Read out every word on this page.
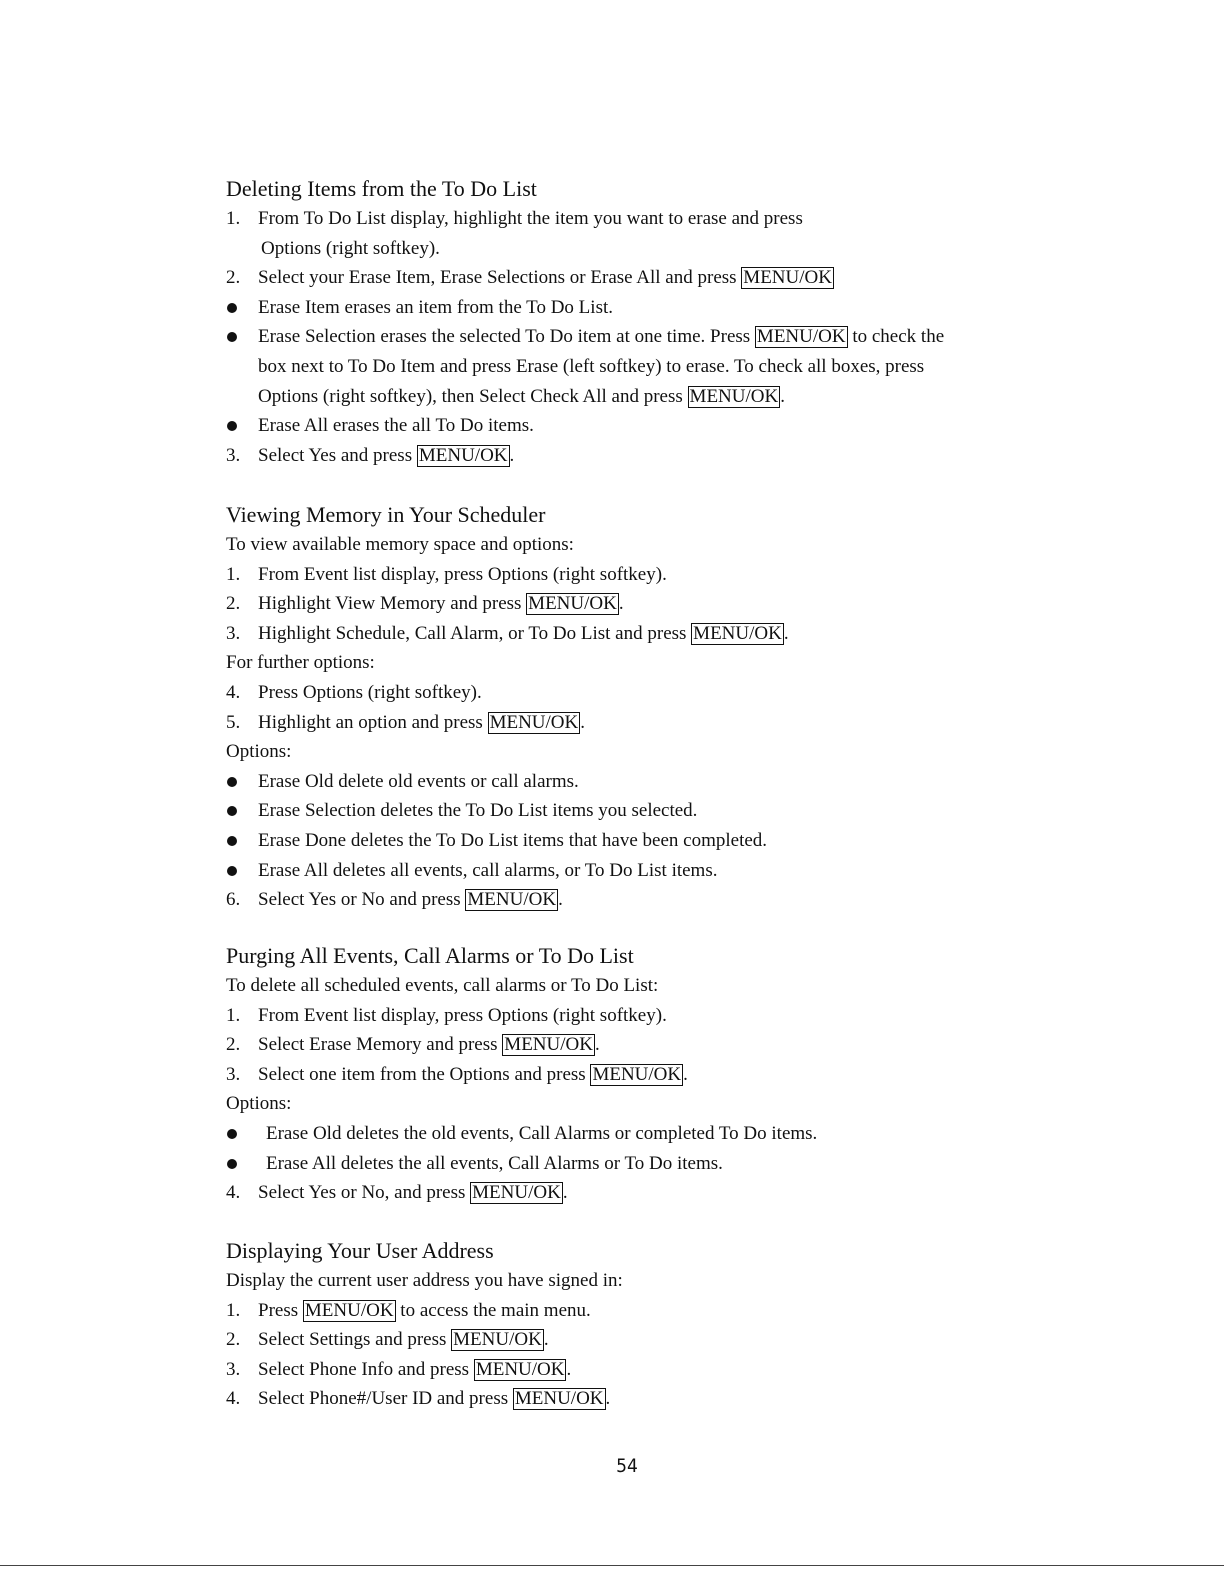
Deleting Items from the To Do List
1. From To Do List display, highlight the item you want to erase and press
Options (right softkey).
2. Select your Erase Item, Erase Selections or Erase All and press MENU/OK
Erase Item erases an item from the To Do List.
Erase Selection erases the selected To Do item at one time. Press MENU/OK to check the
box next to To Do Item and press Erase (left softkey) to erase. To check all boxes, press
Options (right softkey), then Select Check All and press MENU/OK .
Erase All erases the all To Do items.
3. Select Yes and press MENU/OK .
Viewing Memory in Your Scheduler
To view available memory space and options:
1. From Event list display, press Options (right softkey).
2. Highlight View Memory and press MENU/OK .
3. Highlight Schedule, Call Alarm, or To Do List and press MENU/OK .
For further options:
4. Press Options (right softkey).
5. Highlight an option and press MENU/OK .
Options:
Erase Old delete old events or call alarms.
Erase Selection deletes the To Do List items you selected.
Erase Done deletes the To Do List items that have been completed.
Erase All deletes all events, call alarms, or To Do List items.
6. Select Yes or No and press MENU/OK .
Purging All Events, Call Alarms or To Do List
To delete all scheduled events, call alarms or To Do List:
1. From Event list display, press Options (right softkey).
2. Select Erase Memory and press MENU/OK .
3. Select one item from the Options and press MENU/OK .
Options:
Erase Old deletes the old events, Call Alarms or completed To Do items.
Erase All deletes the all events, Call Alarms or To Do items.
4. Select Yes or No, and press MENU/OK .
Displaying Your User Address
Display the current user address you have signed in:
1. Press MENU/OK to access the main menu.
2. Select Settings and press MENU/OK .
3. Select Phone Info and press MENU/OK .
4. Select Phone#/User ID and press MENU/OK .
54
